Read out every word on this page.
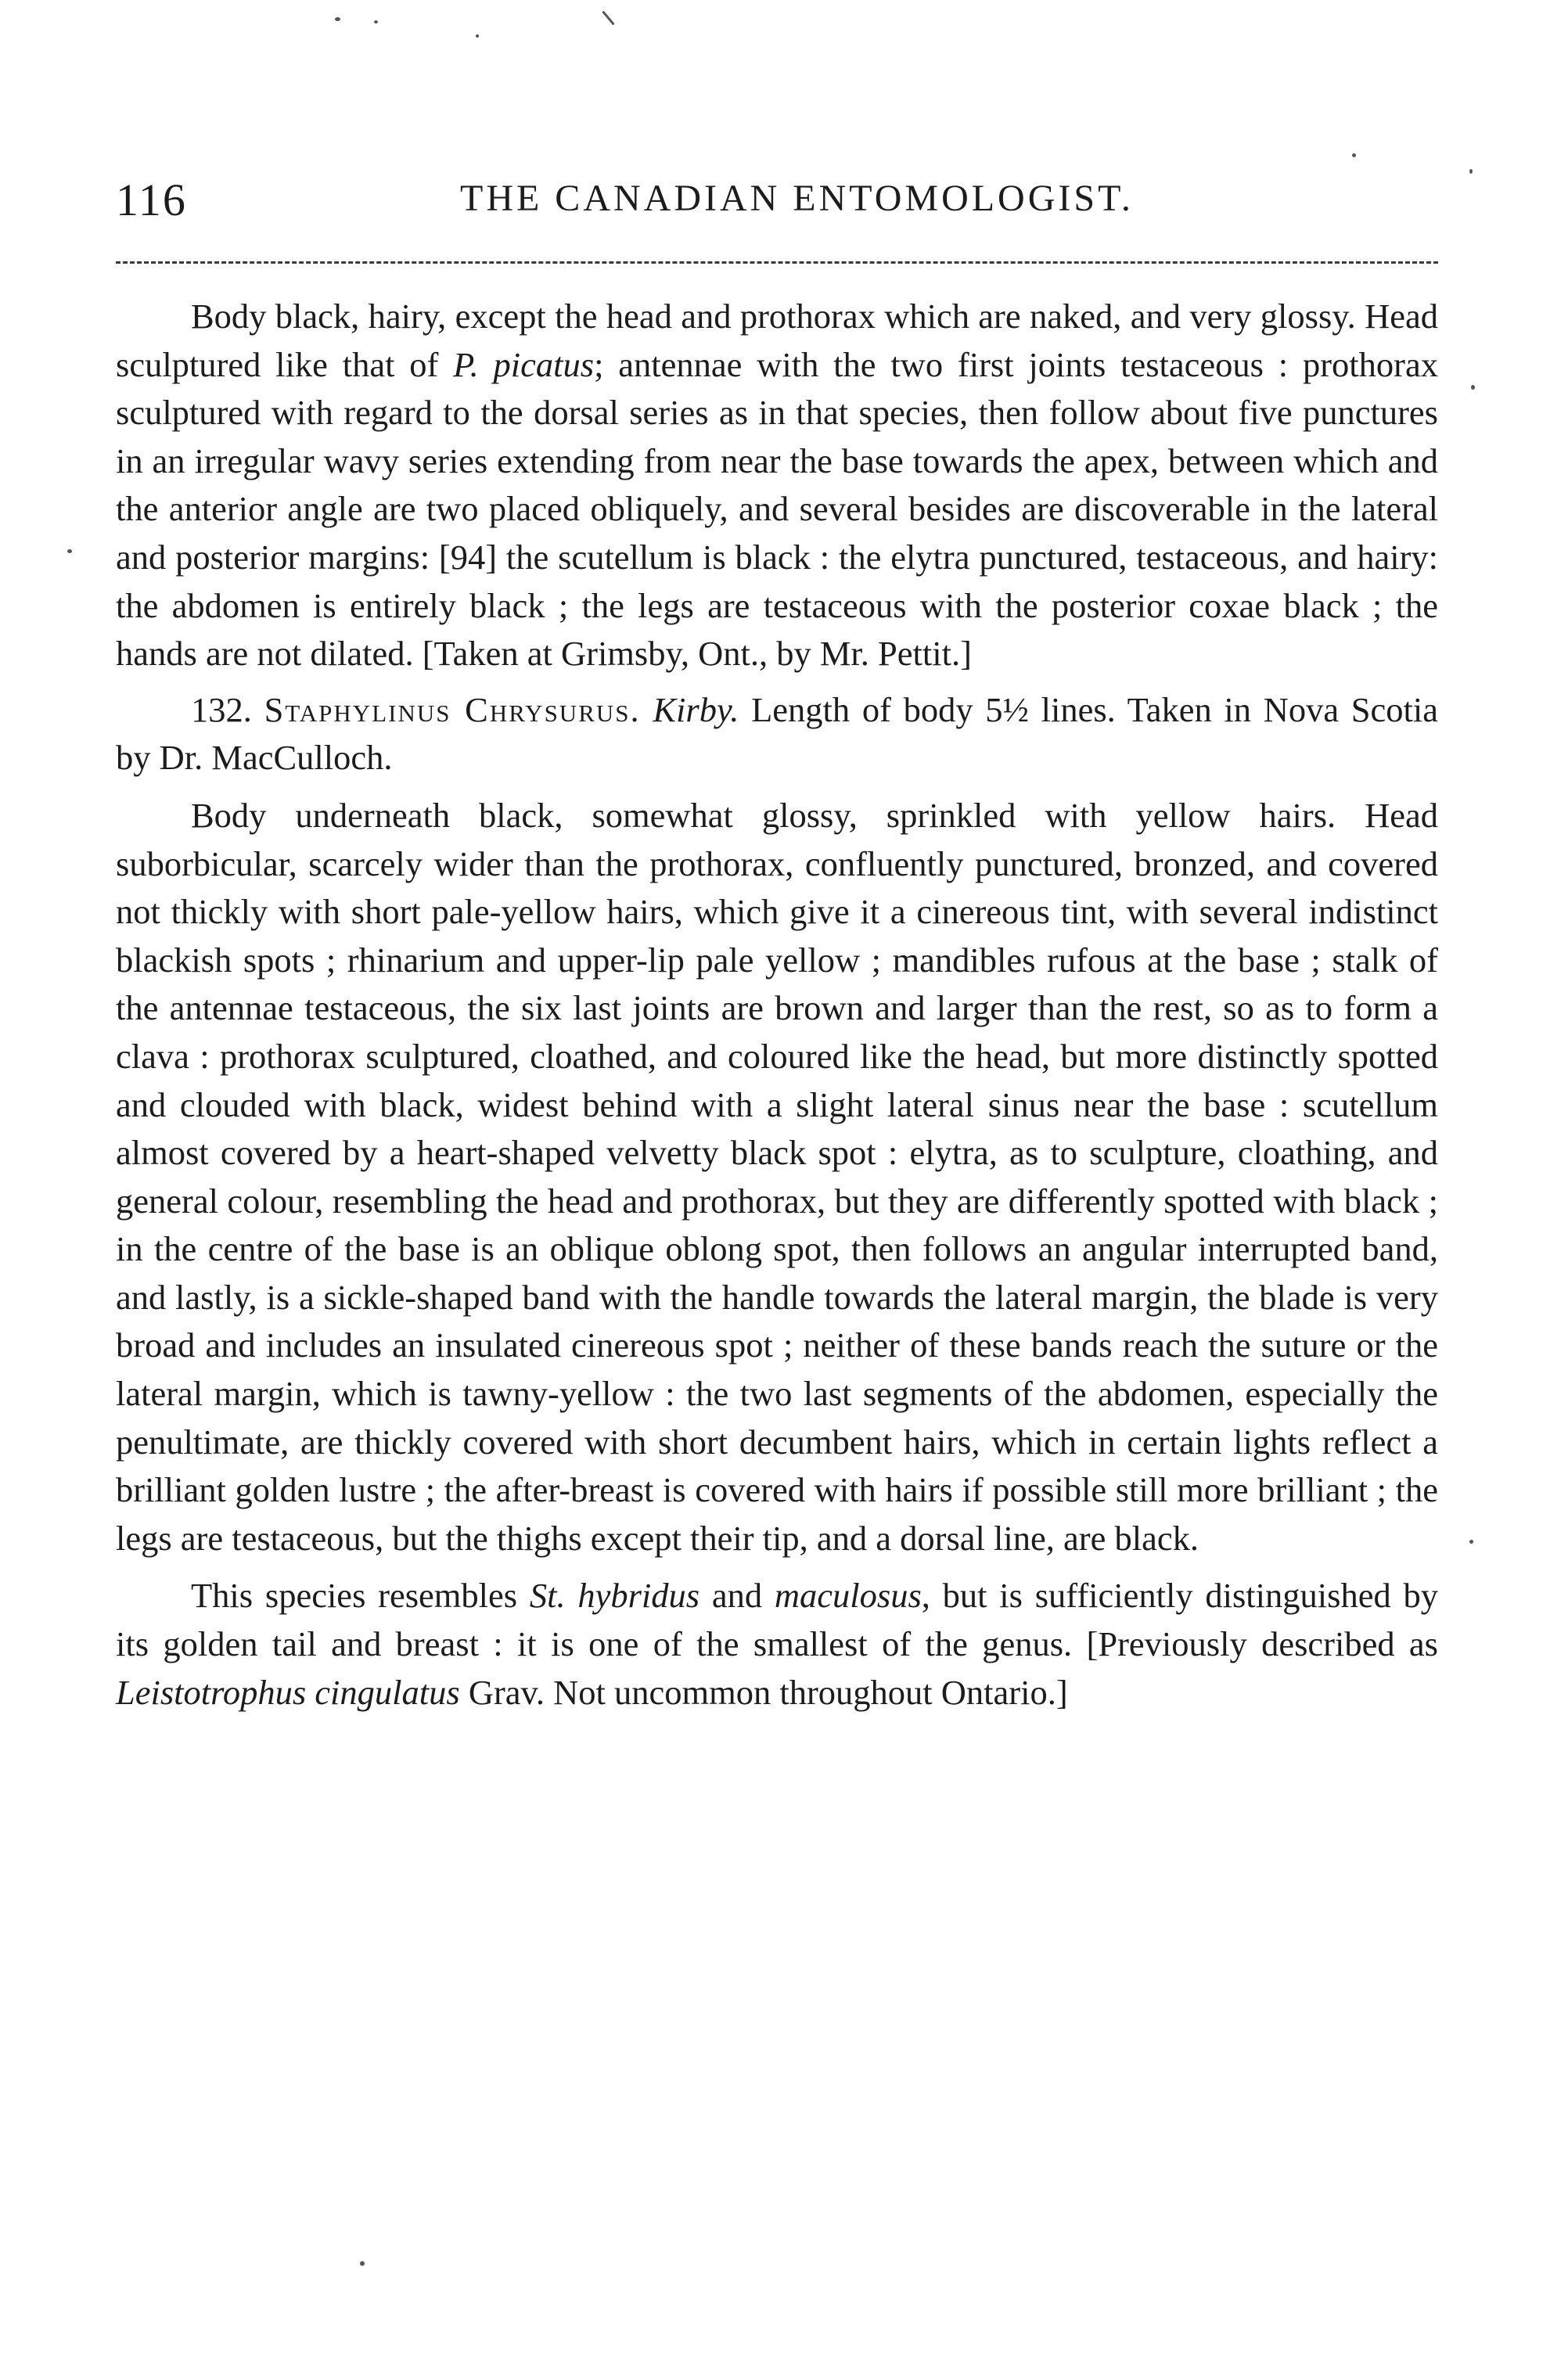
116	THE CANADIAN ENTOMOLOGIST.

Body black, hairy, except the head and prothorax which are naked, and very glossy. Head sculptured like that of P. picatus; antennae with the two first joints testaceous : prothorax sculptured with regard to the dorsal series as in that species, then follow about five punctures in an irregular wavy series extending from near the base towards the apex, between which and the anterior angle are two placed obliquely, and several besides are discoverable in the lateral and posterior margins: [94] the scutellum is black : the elytra punctured, testaceous, and hairy: the abdomen is entirely black ; the legs are testaceous with the posterior coxae black ; the hands are not dilated. [Taken at Grimsby, Ont., by Mr. Pettit.]

132. Staphylinus Chrysurus. Kirby. Length of body 5½ lines. Taken in Nova Scotia by Dr. MacCulloch.

Body underneath black, somewhat glossy, sprinkled with yellow hairs. Head suborbicular, scarcely wider than the prothorax, confluently punctured, bronzed, and covered not thickly with short pale-yellow hairs, which give it a cinereous tint, with several indistinct blackish spots ; rhinarium and upper-lip pale yellow ; mandibles rufous at the base ; stalk of the antennae testaceous, the six last joints are brown and larger than the rest, so as to form a clava : prothorax sculptured, cloathed, and coloured like the head, but more distinctly spotted and clouded with black, widest behind with a slight lateral sinus near the base : scutellum almost covered by a heart-shaped velvetty black spot : elytra, as to sculpture, cloathing, and general colour, resembling the head and prothorax, but they are differently spotted with black ; in the centre of the base is an oblique oblong spot, then follows an angular interrupted band, and lastly, is a sickle-shaped band with the handle towards the lateral margin, the blade is very broad and includes an insulated cinereous spot ; neither of these bands reach the suture or the lateral margin, which is tawny-yellow : the two last segments of the abdomen, especially the penultimate, are thickly covered with short decumbent hairs, which in certain lights reflect a brilliant golden lustre ; the after-breast is covered with hairs if possible still more brilliant ; the legs are testaceous, but the thighs except their tip, and a dorsal line, are black.

This species resembles St. hybridus and maculosus, but is sufficiently distinguished by its golden tail and breast : it is one of the smallest of the genus. [Previously described as Leistotrophus cingulatus Grav. Not uncommon throughout Ontario.]
